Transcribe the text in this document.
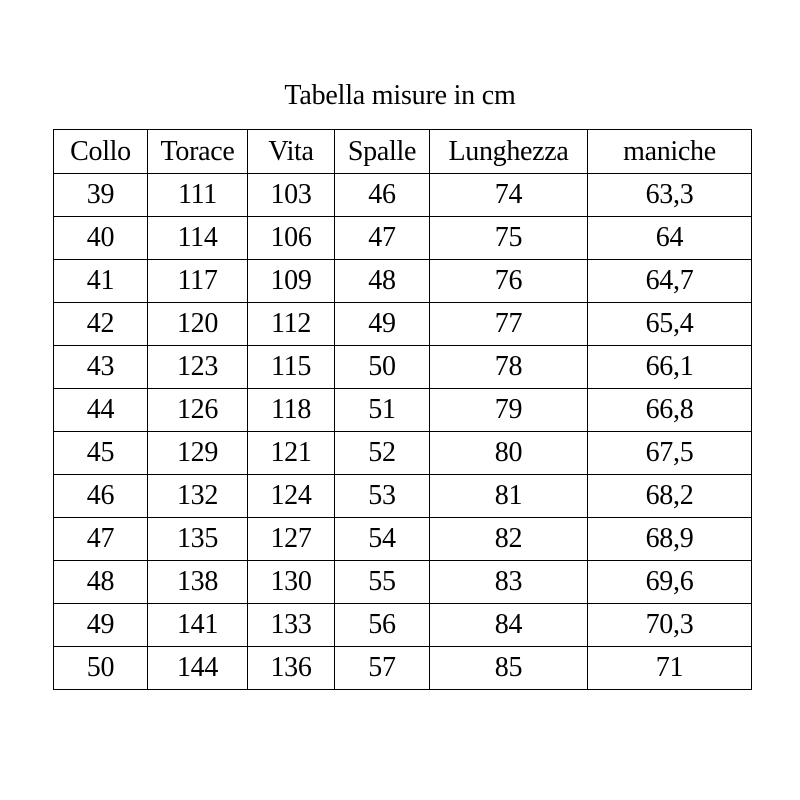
Tabella misure in cm
Collo	Torace	Vita	Spalle	Lunghezza	maniche
39	111	103	46	74	63,3
40	114	106	47	75	64
41	117	109	48	76	64,7
42	120	112	49	77	65,4
43	123	115	50	78	66,1
44	126	118	51	79	66,8
45	129	121	52	80	67,5
46	132	124	53	81	68,2
47	135	127	54	82	68,9
48	138	130	55	83	69,6
49	141	133	56	84	70,3
50	144	136	57	85	71
